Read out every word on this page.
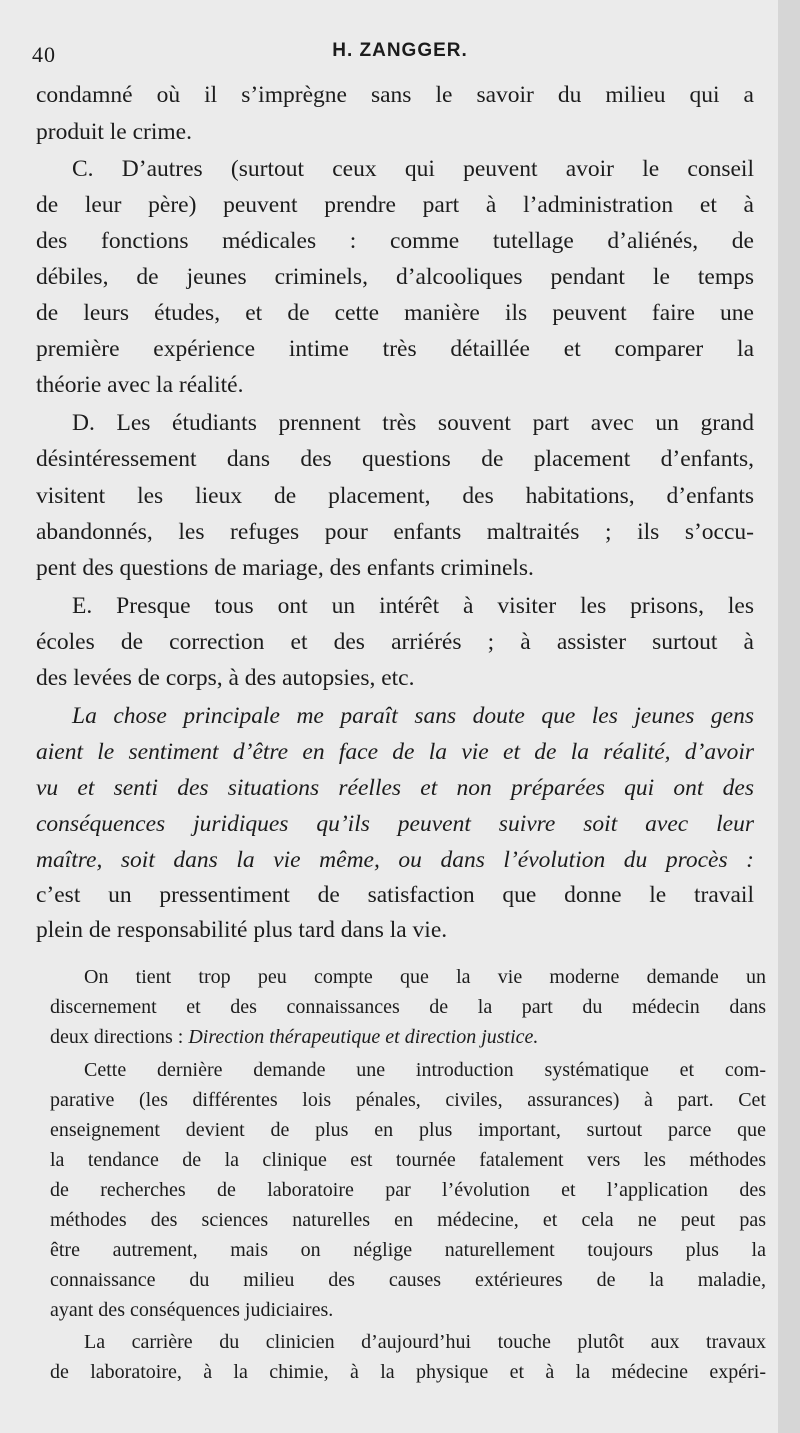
40	H. ZANGGER.
condamné où il s’imprègne sans le savoir du milieu qui a
produit le crime.
C. D’autres (surtout ceux qui peuvent avoir le conseil
de leur père) peuvent prendre part à l’administration et à
des fonctions médicales : comme tutellage d’aliénés, de
débiles, de jeunes criminels, d’alcooliques pendant le temps
de leurs études, et de cette manière ils peuvent faire une
première expérience intime très détaillée et comparer la
théorie avec la réalité.
D. Les étudiants prennent très souvent part avec un grand
désintéressement dans des questions de placement d’enfants,
visitent les lieux de placement, des habitations, d’enfants
abandonnés, les refuges pour enfants maltraités ; ils s’occu-
pent des questions de mariage, des enfants criminels.
E. Presque tous ont un intérêt à visiter les prisons, les
écoles de correction et des arriérés ; à assister surtout à
des levées de corps, à des autopsies, etc.
La chose principale me paraît sans doute que les jeunes gens
aient le sentiment d’être en face de la vie et de la réalité, d’avoir
vu et senti des situations réelles et non préparées qui ont des
conséquences juridiques qu’ils peuvent suivre soit avec leur
maître, soit dans la vie même, ou dans l’évolution du procès :
c’est un pressentiment de satisfaction que donne le travail
plein de responsabilité plus tard dans la vie.
On tient trop peu compte que la vie moderne demande un
discernement et des connaissances de la part du médecin dans
deux directions : Direction thérapeutique et direction justice.
Cette dernière demande une introduction systématique et com-
parative (les différentes lois pénales, civiles, assurances) à part. Cet
enseignement devient de plus en plus important, surtout parce que
la tendance de la clinique est tournée fatalement vers les méthodes
de recherches de laboratoire par l’évolution et l’application des
méthodes des sciences naturelles en médecine, et cela ne peut pas
être autrement, mais on néglige naturellement toujours plus la
connaissance du milieu des causes extérieures de la maladie,
ayant des conséquences judiciaires.
La carrière du clinicien d’aujourd’hui touche plutôt aux travaux
de laboratoire, à la chimie, à la physique et à la médecine expéri-
